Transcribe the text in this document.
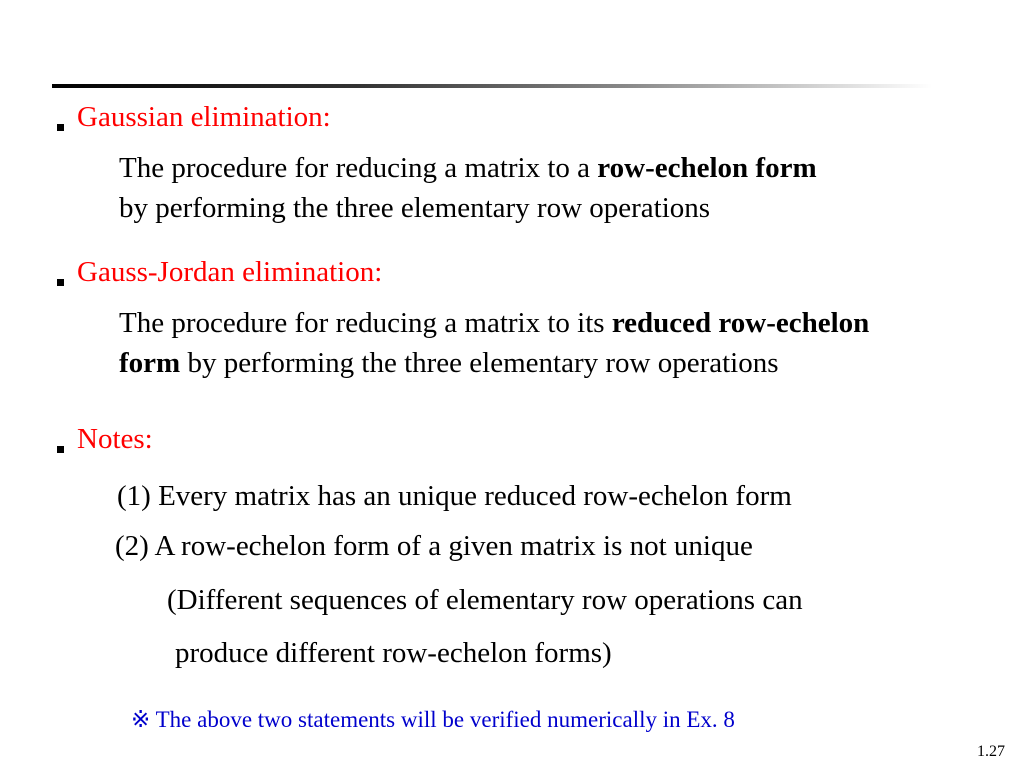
Gaussian elimination:
The procedure for reducing a matrix to a row-echelon form
by performing the three elementary row operations
Gauss-Jordan elimination:
The procedure for reducing a matrix to its reduced row-echelon
form by performing the three elementary row operations
Notes:
(1) Every matrix has an unique reduced row-echelon form
(2) A row-echelon form of a given matrix is not unique
(Different sequences of elementary row operations can
produce different row-echelon forms)
※ The above two statements will be verified numerically in Ex. 8
1.27
